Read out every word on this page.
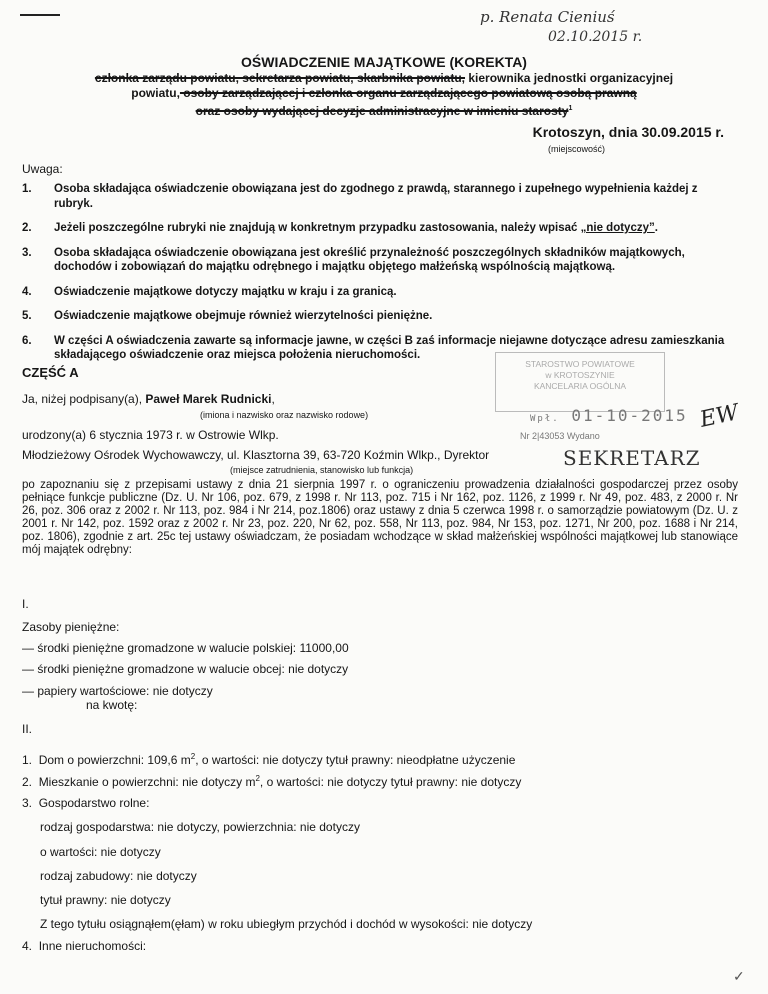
p. Renata Cieniuś
02.10.2015 r.
OŚWIADCZENIE MAJĄTKOWE (KOREKTA)
członka zarządu powiatu, sekretarza powiatu, skarbnika powiatu, kierownika jednostki organizacyjnej
powiatu, osoby zarządzającej i członka organu zarządzającego powiatową osobą prawną
oraz osoby wydającej decyzje administracyjne w imieniu starosty$^1$
Krotoszyn, dnia 30.09.2015 r.
(miejscowość)
Uwaga:
1.	Osoba składająca oświadczenie obowiązana jest do zgodnego z prawdą, starannego i zupełnego wypełnienia każdej z rubryk.
2.	Jeżeli poszczególne rubryki nie znajdują w konkretnym przypadku zastosowania, należy wpisać „nie dotyczy”.
3.	Osoba składająca oświadczenie obowiązana jest określić przynależność poszczególnych składników majątkowych, dochodów i zobowiązań do majątku odrębnego i majątku objętego małżeńską wspólnością majątkową.
4.	Oświadczenie majątkowe dotyczy majątku w kraju i za granicą.
5.	Oświadczenie majątkowe obejmuje również wierzytelności pieniężne.
6.	W części A oświadczenia zawarte są informacje jawne, w części B zaś informacje niejawne dotyczące adresu zamieszkania składającego oświadczenie oraz miejsca położenia nieruchomości.
CZĘŚĆ A
STAROSTWO POWIATOWE
w KROTOSZYNIE
KANCELARIA OGÓLNA
Wpł. 01-10-2015
Nr 2|43053 Wydano
EW
SEKRETARZ
Ja, niżej podpisany(a), Paweł Marek Rudnicki,
(imiona i nazwisko oraz nazwisko rodowe)
urodzony(a) 6 stycznia 1973 r. w Ostrowie Wlkp.
Młodzieżowy Ośrodek Wychowawczy, ul. Klasztorna 39, 63-720 Koźmin Wlkp., Dyrektor
(miejsce zatrudnienia, stanowisko lub funkcja)
po zapoznaniu się z przepisami ustawy z dnia 21 sierpnia 1997 r. o ograniczeniu prowadzenia działalności gospodarczej przez osoby pełniące funkcje publiczne (Dz. U. Nr 106, poz. 679, z 1998 r. Nr 113, poz. 715 i Nr 162, poz. 1126, z 1999 r. Nr 49, poz. 483, z 2000 r. Nr 26, poz. 306 oraz z 2002 r. Nr 113, poz. 984 i Nr 214, poz.1806) oraz ustawy z dnia 5 czerwca 1998 r. o samorządzie powiatowym (Dz. U. z 2001 r. Nr 142, poz. 1592 oraz z 2002 r. Nr 23, poz. 220, Nr 62, poz. 558, Nr 113, poz. 984, Nr 153, poz. 1271, Nr 200, poz. 1688 i Nr 214, poz. 1806), zgodnie z art. 25c tej ustawy oświadczam, że posiadam wchodzące w skład małżeńskiej wspólności majątkowej lub stanowiące mój majątek odrębny:
I.
Zasoby pieniężne:
— środki pieniężne gromadzone w walucie polskiej: 11000,00
— środki pieniężne gromadzone w walucie obcej: nie dotyczy
— papiery wartościowe: nie dotyczy
na kwotę:
II.
1. Dom o powierzchni: 109,6 $m^2$, o wartości: nie dotyczy tytuł prawny: nieodpłatne użyczenie
2. Mieszkanie o powierzchni: nie dotyczy $m^2$, o wartości: nie dotyczy tytuł prawny: nie dotyczy
3. Gospodarstwo rolne:
rodzaj gospodarstwa: nie dotyczy, powierzchnia: nie dotyczy
o wartości: nie dotyczy
rodzaj zabudowy: nie dotyczy
tytuł prawny: nie dotyczy
Z tego tytułu osiągnąłem(ęłam) w roku ubiegłym przychód i dochód w wysokości: nie dotyczy
4. Inne nieruchomości:
✓
